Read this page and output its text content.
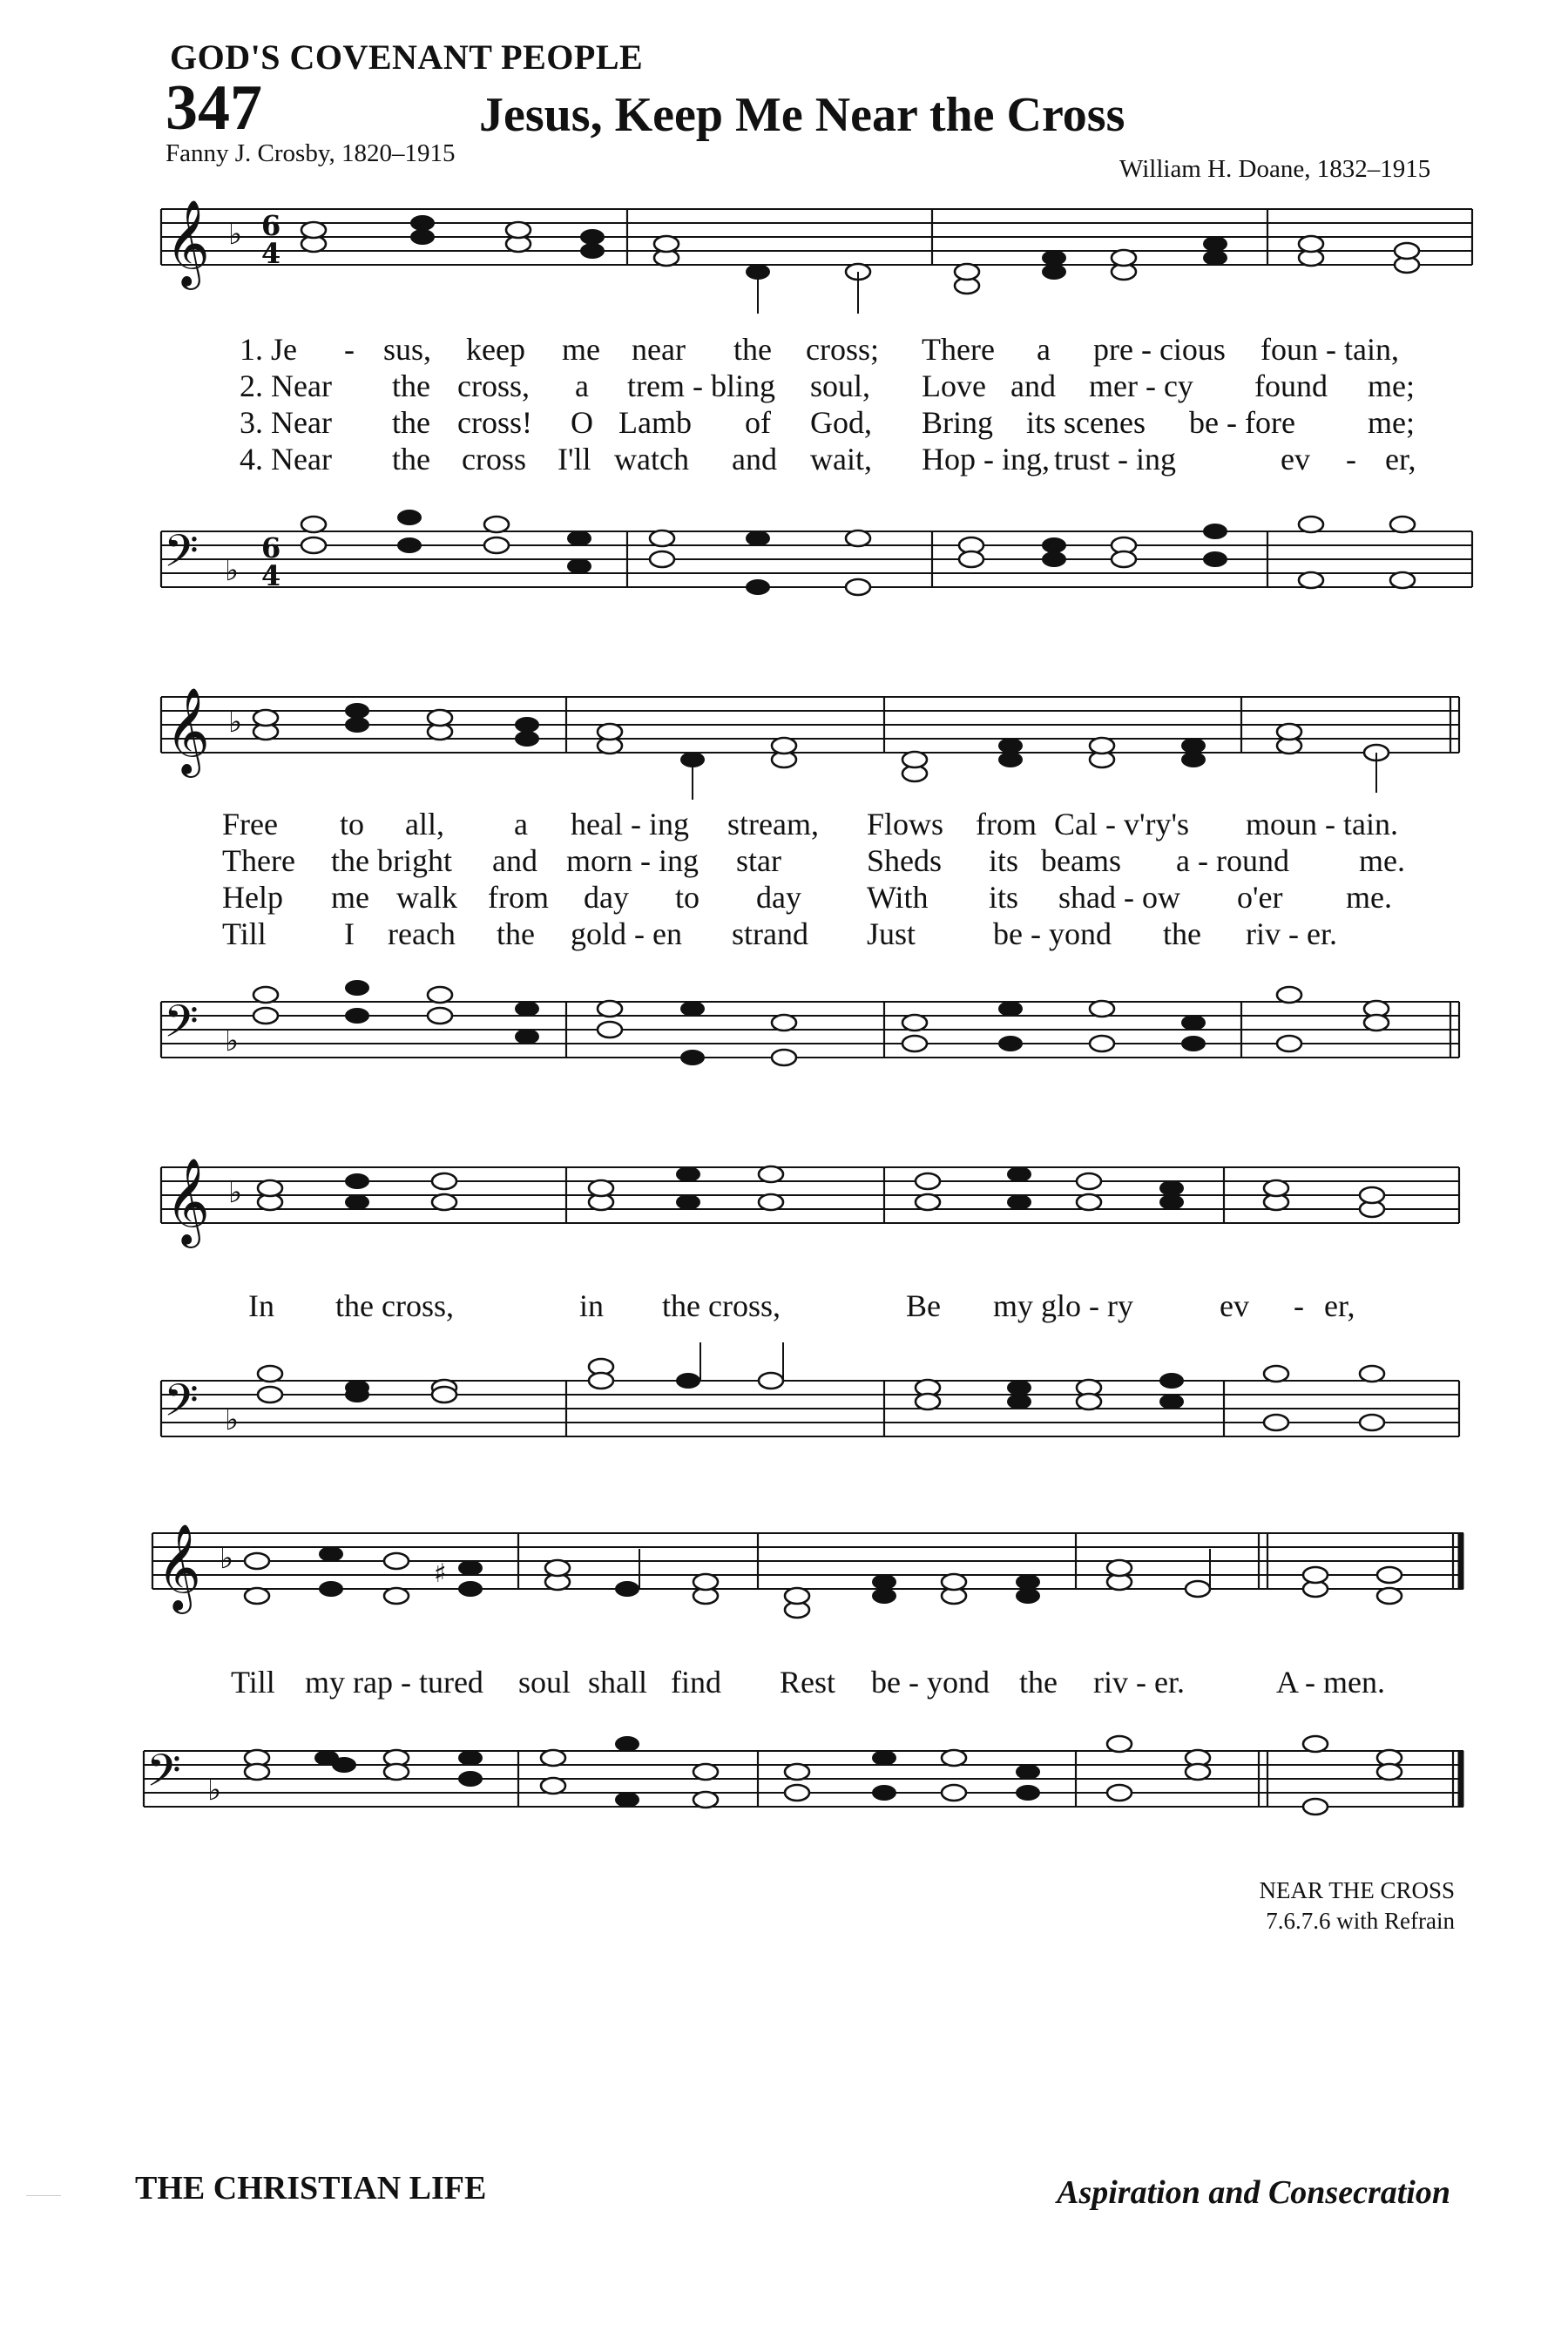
GOD'S COVENANT PEOPLE
347	Jesus, Keep Me Near the Cross
Fanny J. Crosby, 1820–1915
William H. Doane, 1832–1915
𝄞 ♭ 6
4
1. Je - sus, keep me near the cross; There a pre - cious foun - tain,
2. Near the cross, a trem - bling soul, Love and mer - cy found me;
3. Near the cross! O Lamb of God, Bring its scenes be - fore me;
4. Near the cross I'll watch and wait, Hop - ing, trust - ing	ev - er,
𝄢 ♭
6
4
𝄞 ♭
Free to all, a heal - ing stream, Flows from Cal - v'ry's moun - tain.
There the bright and morn - ing star	Sheds its beams a - round me.
Help me walk from day to day With its shad - ow o'er me.
Till I reach the gold - en strand Just be - yond the riv - er.
𝄢 ♭
𝄞 ♭
In the cross,	in the cross,	Be my glo - ry	ev - er,
𝄢 ♭
𝄞 ♭	♯
Till my rap - tured soul shall find Rest be - yond the riv - er.	A - men.
𝄢 ♭
NEAR THE CROSS
7.6.7.6 with Refrain
THE CHRISTIAN LIFE	Aspiration and Consecration
